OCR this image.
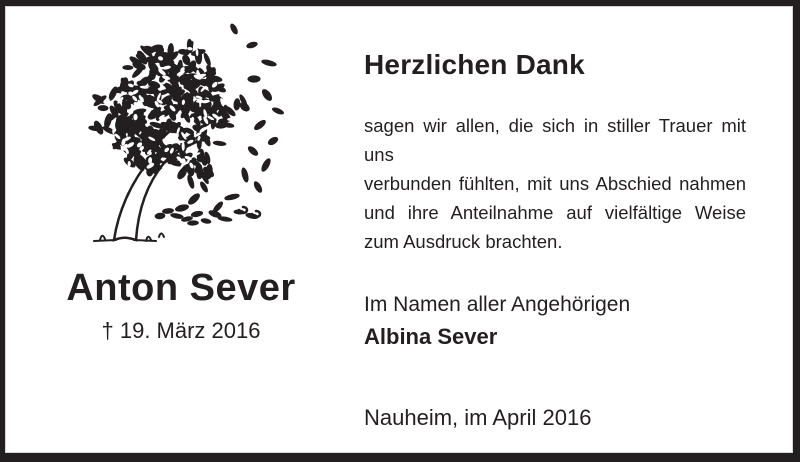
Herzlichen Dank
sagen wir allen, die sich in stiller Trauer mit uns
verbunden fühlten, mit uns Abschied nahmen
und ihre Anteilnahme auf vielfältige Weise
zum Ausdruck brachten.
Anton Sever
† 19. März 2016
Im Namen aller Angehörigen
Albina Sever
Nauheim, im April 2016
